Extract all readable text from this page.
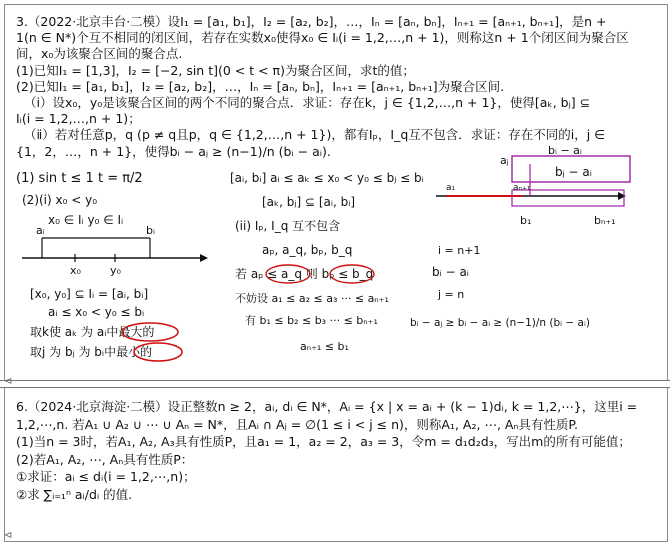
3.（2022·北京丰台·二模）设I₁ = [a₁, b₁]，I₂ = [a₂, b₂]，…，Iₙ = [aₙ, bₙ]，Iₙ₊₁ = [aₙ₊₁, bₙ₊₁]，是n +
1(n ∈ N*)个互不相同的闭区间，若存在实数x₀使得x₀ ∈ Iᵢ(i = 1,2,…,n + 1)，则称这n + 1个闭区间为聚合区
间，x₀为该聚合区间的聚合点.
(1)已知I₁ = [1,3]，I₂ = [−2, sin t](0 < t < π)为聚合区间，求t的值；
(2)已知I₁ = [a₁, b₁]，I₂ = [a₂, b₂]，…，Iₙ = [aₙ, bₙ]，Iₙ₊₁ = [aₙ₊₁, bₙ₊₁]为聚合区间.
（ⅰ）设x₀，y₀是该聚合区间的两个不同的聚合点．求证：存在k，j ∈ {1,2,…,n + 1}，使得[aₖ, bⱼ] ⊆
Iᵢ(i = 1,2,…,n + 1)；
（ⅱ）若对任意p，q (p ≠ q且p，q ∈ {1,2,…,n + 1})，都有Iₚ，I_q互不包含．求证：存在不同的i，j ∈
{1，2，…，n + 1}，使得bᵢ − aⱼ ≥ (n−1)/n (bᵢ − aᵢ).
(1) sin t ≤ 1 t = π/2
(2)(i) x₀ < y₀
x₀ ∈ Iᵢ y₀ ∈ Iᵢ
aᵢ	bᵢ
x₀	y₀
[x₀, y₀] ⊆ Iᵢ = [aᵢ, bᵢ]
aᵢ ≤ x₀ < y₀ ≤ bᵢ
取k使 aₖ 为 aᵢ中最大的
取j 为 bⱼ 为 bᵢ中最小的
[aᵢ, bᵢ] aᵢ ≤ aₖ ≤ x₀ < y₀ ≤ bⱼ ≤ bᵢ
[aₖ, bⱼ] ⊆ [aᵢ, bᵢ]
(ii) Iₚ, I_q 互不包含
aₚ, a_q, bₚ, b_q
若 aₚ ≤ a_q 则 bₚ ≤ b_q
不妨设 a₁ ≤ a₂ ≤ a₃ ··· ≤ aₙ₊₁
有 b₁ ≤ b₂ ≤ b₃ ··· ≤ bₙ₊₁
aₙ₊₁ ≤ b₁
i = n+1
bᵢ − aᵢ
j = n
bᵢ − aⱼ ≥ bᵢ − aᵢ ≥ (n−1)/n (bᵢ − aᵢ)
bᵢ − aᵢ
bⱼ − aᵢ
aⱼ
a₁	aₙ₊₁
b₁	bₙ₊₁
⊲
⊲
6.（2024·北京海淀·二模）设正整数n ≥ 2，aᵢ, dᵢ ∈ N*，Aᵢ = {x | x = aᵢ + (k − 1)dᵢ, k = 1,2,⋯}，这里i =
1,2,⋯,n. 若A₁ ∪ A₂ ∪ ⋯ ∪ Aₙ = N*，且Aᵢ ∩ Aⱼ = ∅(1 ≤ i < j ≤ n)，则称A₁, A₂, ⋯, Aₙ具有性质P.
(1)当n = 3时，若A₁, A₂, A₃具有性质P，且a₁ = 1，a₂ = 2，a₃ = 3，令m = d₁d₂d₃，写出m的所有可能值；
(2)若A₁, A₂, ⋯, Aₙ具有性质P：
①求证：aᵢ ≤ dᵢ(i = 1,2,⋯,n)；
②求 ∑ᵢ₌₁ⁿ aᵢ/dᵢ 的值.
